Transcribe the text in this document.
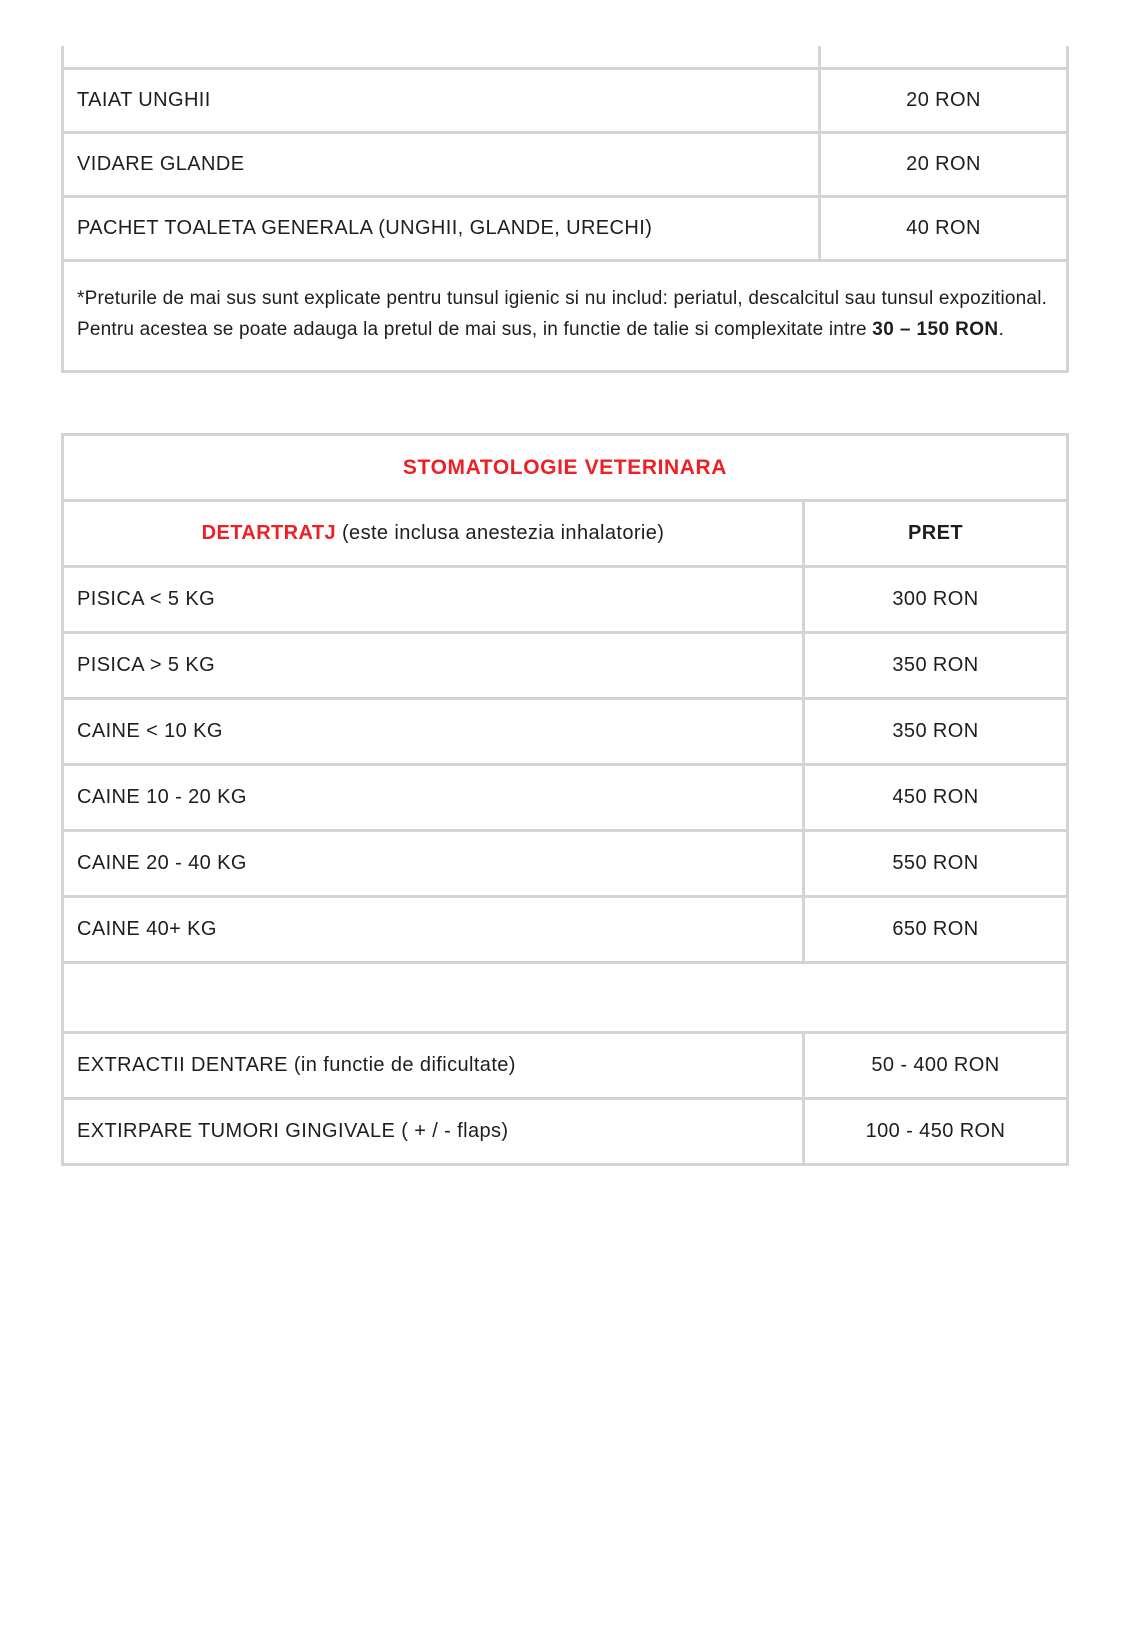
TAIAT UNGHII	20 RON
VIDARE GLANDE	20 RON
PACHET TOALETA GENERALA (UNGHII, GLANDE, URECHI)	40 RON

*Preturile de mai sus sunt explicate pentru tunsul igienic si nu includ: periatul, descalcitul sau tunsul expozitional.
Pentru acestea se poate adauga la pretul de mai sus, in functie de talie si complexitate intre 30 – 150 RON.	
STOMATOLOGIE VETERINARA	
DETARTRATJ (este inclusa anestezia inhalatorie)	PRET
PISICA < 5 KG	300 RON
PISICA > 5 KG	350 RON
CAINE < 10 KG	350 RON
CAINE 10 - 20 KG	450 RON
CAINE 20 - 40 KG	550 RON
CAINE 40+ KG	650 RON

EXTRACTII DENTARE (in functie de dificultate)	50 - 400 RON
EXTIRPARE TUMORI GINGIVALE ( + / - flaps)	100 - 450 RON
